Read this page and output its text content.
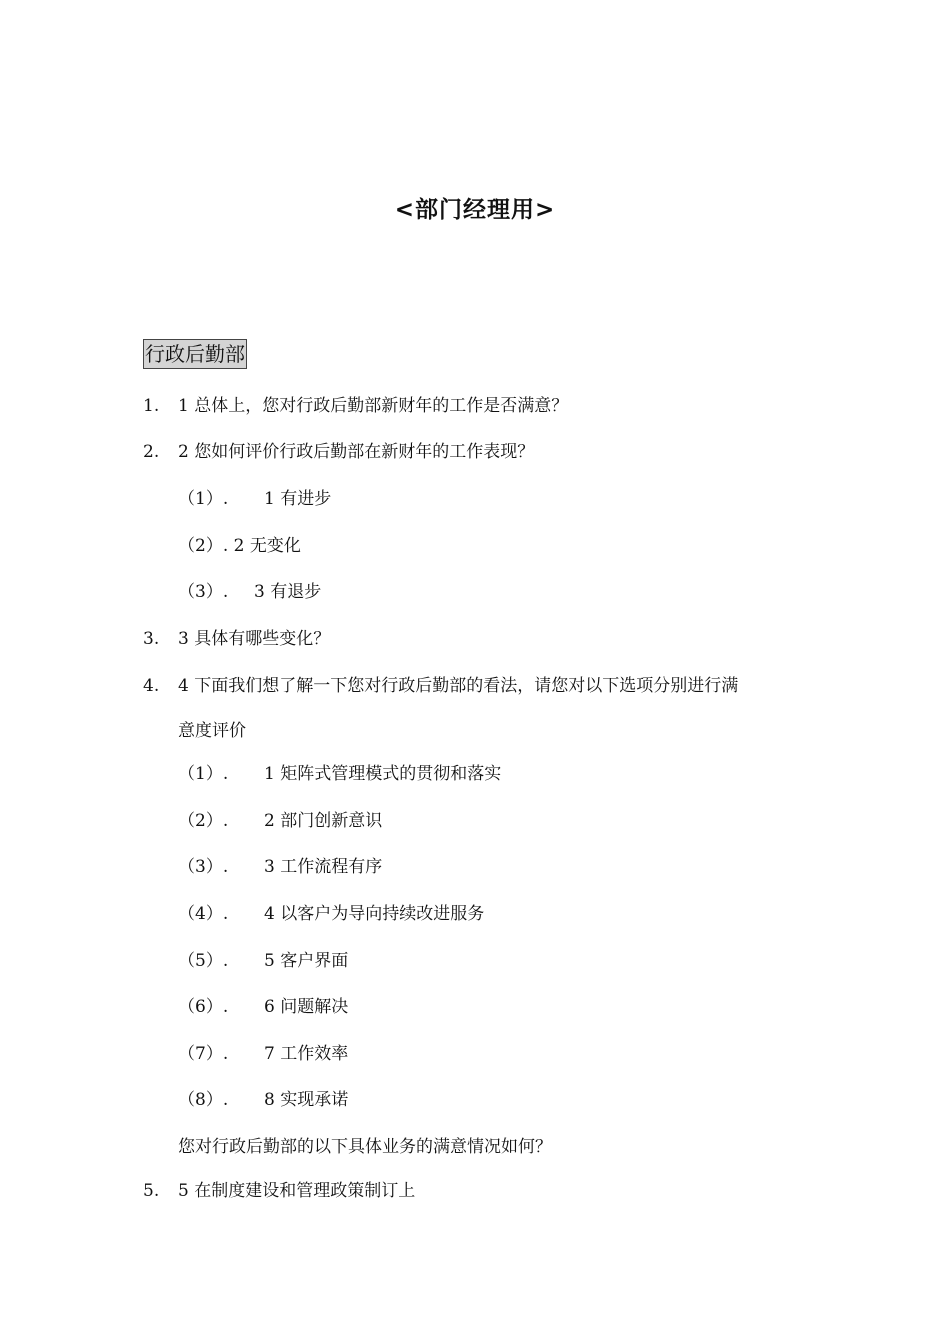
<部门经理用>
行政后勤部
1. 1 总体上，您对行政后勤部新财年的工作是否满意？
2. 2 您如何评价行政后勤部在新财年的工作表现？
（1）. 1 有进步
（2）. 2 无变化
（3）. 3 有退步
3. 3 具体有哪些变化？
4. 4 下面我们想了解一下您对行政后勤部的看法，请您对以下选项分别进行满
意度评价
（1）. 1 矩阵式管理模式的贯彻和落实
（2）. 2 部门创新意识
（3）. 3 工作流程有序
（4）. 4 以客户为导向持续改进服务
（5）. 5 客户界面
（6）. 6 问题解决
（7）. 7 工作效率
（8）. 8 实现承诺
您对行政后勤部的以下具体业务的满意情况如何？
5. 5 在制度建设和管理政策制订上
